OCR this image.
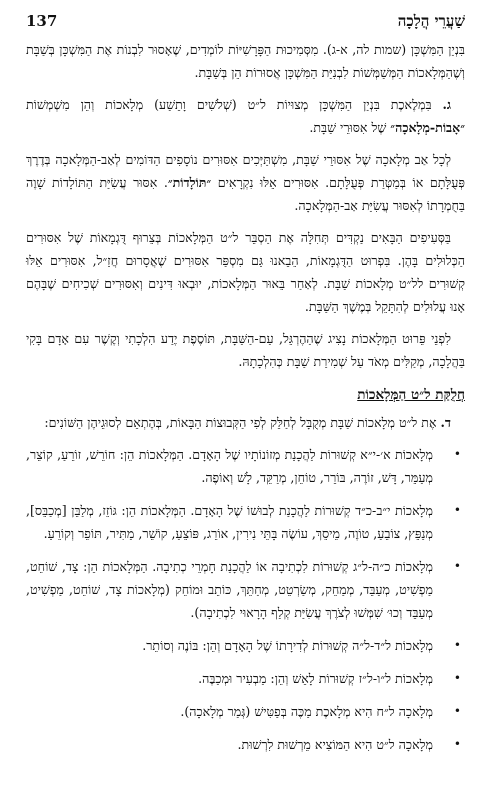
שַׁעֲרֵי הֲלָכָה
137

בִּנְיַן הַמִּשְׁכָּן (שמות לה, א-ג). מִסְּמִיכוּת הַפָּרָשִׁיּוֹת לוֹמְדִים, שֶׁאָסוּר לִבְנוֹת אֶת הַמִּשְׁכָּן בְּשַׁבָּת וְשֶׁהַמְּלָאכוֹת הַמְּשַׁמְּשׁוֹת לִבְנִיַּת הַמִּשְׁכָּן אֲסוּרוֹת הֵן בְּשַׁבָּת.

ג. בִּמְלֶאכֶת בִּנְיַן הַמִּשְׁכָּן מְצוּיוֹת ל״ט (שְׁלֹשִׁים וָתֵשַׁע) מְלָאכוֹת וְהֵן מִשְׁמְשׁוֹת ״אָבוֹת-מְלָאכָה״ שֶׁל אִסּוּרֵי שַׁבָּת.

לְכָל אַב מְלָאכָה שֶׁל אִסּוּרֵי שַׁבָּת, מִשְׁתַּיְּכִים אִסּוּרִים נוֹסָפִים הַדּוֹמִים לְאַב-הַמְּלָאכָה בְּדֶרֶךְ פְּעֻלָּתָם אוֹ בְּמַטְּרַת פְּעֻלָּתָם. אִסּוּרִים אֵלּוּ נִקְרָאִים ״תּוֹלָדוֹת״. אִסּוּר עֲשִׂיַּת הַתּוֹלָדוֹת שָׁוֶה בַּחֻמְרָתוֹ לְאִסּוּר עֲשִׂיַּת אַב-הַמְּלָאכָה.

בַּסְּעִיפִים הַבָּאִים נַקְדִּים תְּחִלָּה אֶת הַסְבֵּר ל״ט הַמְּלָאכוֹת בְּצֵרוּף דֻּגְמָאוֹת שֶׁל אִסּוּרִים הַכְּלוּלִים בָּהֶן. בִּפְרוּט הַדֻּגְמָאוֹת, הֵבֵאנוּ גַּם מִסְפַּר אִסּוּרִים שֶׁאֲסָרוּם חֲזַ״ל, אִסּוּרִים אֵלּוּ קְשׁוּרִים לל״ט מְלָאכוֹת שַׁבָּת. לְאַחַר בֵּאוּר הַמְּלָאכוֹת, יוּבְאוּ דִּינִים וְאִסּוּרִים שְׁכִיחִים שֶׁבָּהֶם אָנוּ עֲלוּלִים לְהִתָּקֵל בְּמֶשֶׁךְ הַשַּׁבָּת.

לִפְנֵי פֵּרוּט הַמְּלָאכוֹת נָצִיג שֶׁהַהֶרְגֵּל, עַם-הַשַּׁבָּת, תּוֹסֶפֶת יֶדַע הִלְכָתִי וְקֶשֶׁר עִם אָדָם בָּקִי בַּהֲלָכָה, מְקַלִּים מְאֹד עַל שְׁמִירַת שַׁבָּת כְּהִלְכָתָהּ.

חֲלֻקַּת ל״ט הַמְּלָאכוֹת

ד. אֶת ל״ט מְלָאכוֹת שַׁבָּת מְקֻבָּל לְחַלֵּק לְפִי הַקְּבוּצוֹת הַבָּאוֹת, בְּהֶתְאֵם לְסוּגֵיהֶן הַשּׁוֹנִים:

•
מְלָאכוֹת א׳-י״א קְשׁוּרוֹת לַהֲכָנַת מְזוֹנוֹתָיו שֶׁל הָאָדָם. הַמְּלָאכוֹת הֵן: חוֹרֵשׁ, זוֹרֵעַ, קוֹצֵר, מְעַמֵּר, דָּשׁ, זוֹרֶה, בּוֹרֵר, טוֹחֵן, מְרַקֵּד, לָשׁ וְאוֹפֶה.
•
מְלָאכוֹת י״ב-כ״ד קְשׁוּרוֹת לַהֲכָנַת לְבוּשׁוֹ שֶׁל הָאָדָם. הַמְּלָאכוֹת הֵן: גּוֹזֵז, מְלַבֵּן [מְכַבֵּס], מְנַפֵּץ, צוֹבֵעַ, טוֹוֶה, מֵיסֵךְ, עוֹשֶׂה בָּתֵּי נִירִין, אוֹרֵג, פּוֹצֵעַ, קוֹשֵׁר, מַתִּיר, תּוֹפֵר וְקוֹרֵעַ.
•
מְלָאכוֹת כ״ה-ל״ג קְשׁוּרוֹת לִכְתִיבָה אוֹ לַהֲכָנַת חָמְרֵי כְתִיבָה. הַמְּלָאכוֹת הֵן: צָד, שׁוֹחֵט, מַפְשִׁיט, מְעַבֵּד, מְמַחֵק, מְשַׂרְטֵט, מְחַתֵּךְ, כּוֹתֵב וּמוֹחֵק (מְלָאכוֹת צָד, שׁוֹחֵט, מַפְשִׁיט, מְעַבֵּד וְכוּ׳ שִׁמְּשׁוּ לְצֹרֶךְ עֲשִׂיַּת קְלַף הָרָאוּי לִכְתִיבָה).
•
מְלָאכוֹת ל״ד-ל״ה קְשׁוּרוֹת לְדִירָתוֹ שֶׁל הָאָדָם וְהֵן: בּוֹנֶה וְסוֹתֵר.
•
מְלָאכוֹת ל״ו-ל״ז קְשׁוּרוֹת לָאֵשׁ וְהֵן: מַבְעִיר וּמְכַבֶּה.
•
מְלָאכָה ל״ח הִיא מְלָאכֶת מַכֶּה בְּפַטִּישׁ (גְּמַר מְלָאכָה).
•
מְלָאכָה ל״ט הִיא הַמּוֹצִיא מֵרְשׁוּת לִרְשׁוּת.
